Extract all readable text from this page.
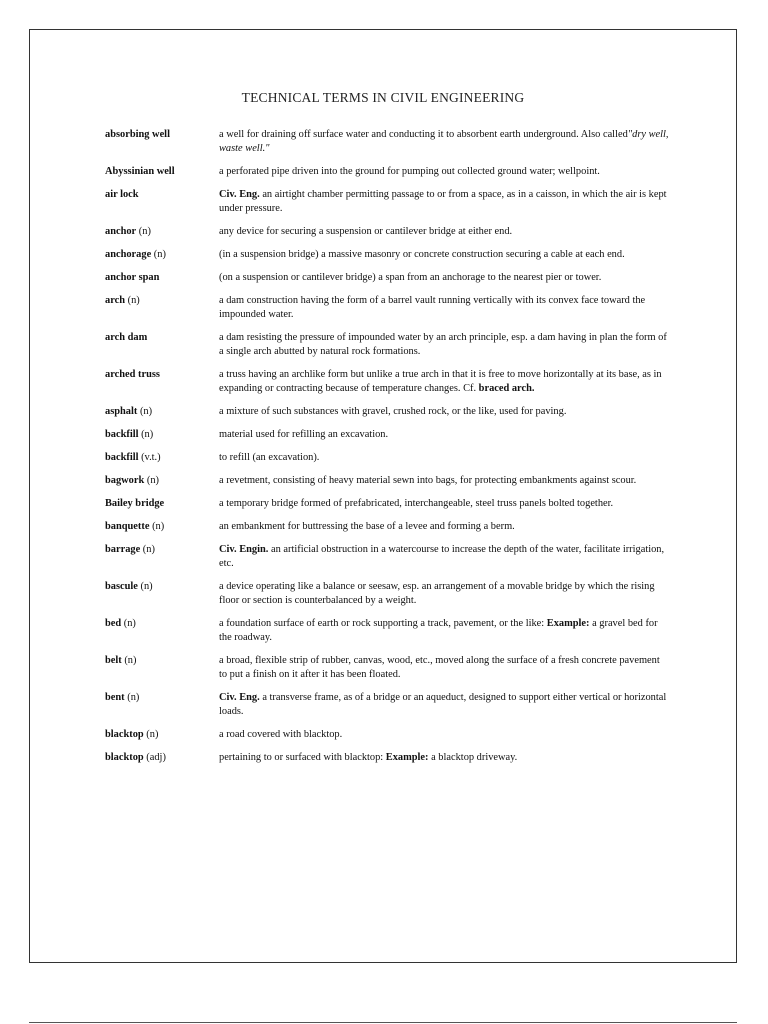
TECHNICAL TERMS IN CIVIL ENGINEERING
absorbing well	a well for draining off surface water and conducting it to absorbent earth underground. Also called"dry well, waste well."
Abyssinian well	a perforated pipe driven into the ground for pumping out collected ground water; wellpoint.
air lock	Civ. Eng. an airtight chamber permitting passage to or from a space, as in a caisson, in which the air is kept under pressure.
anchor (n)	any device for securing a suspension or cantilever bridge at either end.
anchorage (n)	(in a suspension bridge) a massive masonry or concrete construction securing a cable at each end.
anchor span	(on a suspension or cantilever bridge) a span from an anchorage to the nearest pier or tower.
arch (n)	a dam construction having the form of a barrel vault running vertically with its convex face toward the impounded water.
arch dam	a dam resisting the pressure of impounded water by an arch principle, esp. a dam having in plan the form of a single arch abutted by natural rock formations.
arched truss	a truss having an archlike form but unlike a true arch in that it is free to move horizontally at its base, as in expanding or contracting because of temperature changes. Cf. braced arch.
asphalt (n)	a mixture of such substances with gravel, crushed rock, or the like, used for paving.
backfill (n)	material used for refilling an excavation.
backfill (v.t.)	to refill (an excavation).
bagwork (n)	a revetment, consisting of heavy material sewn into bags, for protecting embankments against scour.
Bailey bridge	a temporary bridge formed of prefabricated, interchangeable, steel truss panels bolted together.
banquette (n)	an embankment for buttressing the base of a levee and forming a berm.
barrage (n)	Civ. Engin. an artificial obstruction in a watercourse to increase the depth of the water, facilitate irrigation, etc.
bascule (n)	a device operating like a balance or seesaw, esp. an arrangement of a movable bridge by which the rising floor or section is counterbalanced by a weight.
bed (n)	a foundation surface of earth or rock supporting a track, pavement, or the like: Example: a gravel bed for the roadway.
belt (n)	a broad, flexible strip of rubber, canvas, wood, etc., moved along the surface of a fresh concrete pavement to put a finish on it after it has been floated.
bent (n)	Civ. Eng. a transverse frame, as of a bridge or an aqueduct, designed to support either vertical or horizontal loads.
blacktop (n)	a road covered with blacktop.
blacktop (adj)	pertaining to or surfaced with blacktop: Example: a blacktop driveway.
